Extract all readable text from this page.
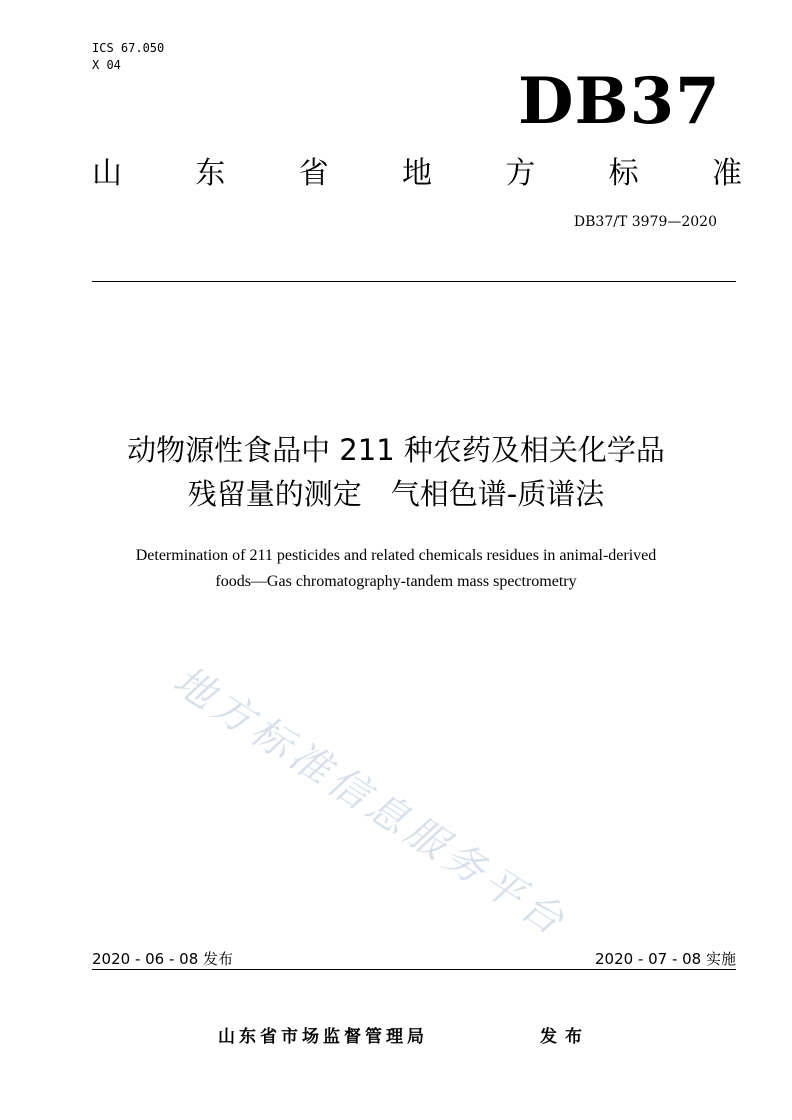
ICS 67.050
X 04	DB37
山 东 省 地 方 标 准
DB37/T 3979—2020
动物源性食品中 211 种农药及相关化学品
残留量的测定　气相色谱-质谱法
Determination of 211 pesticides and related chemicals residues in animal-derived
foods—Gas chromatography-tandem mass spectrometry
地方标准信息服务平台
2020 - 06 - 08 发布	2020 - 07 - 08 实施
山东省市场监督管理局	发布
